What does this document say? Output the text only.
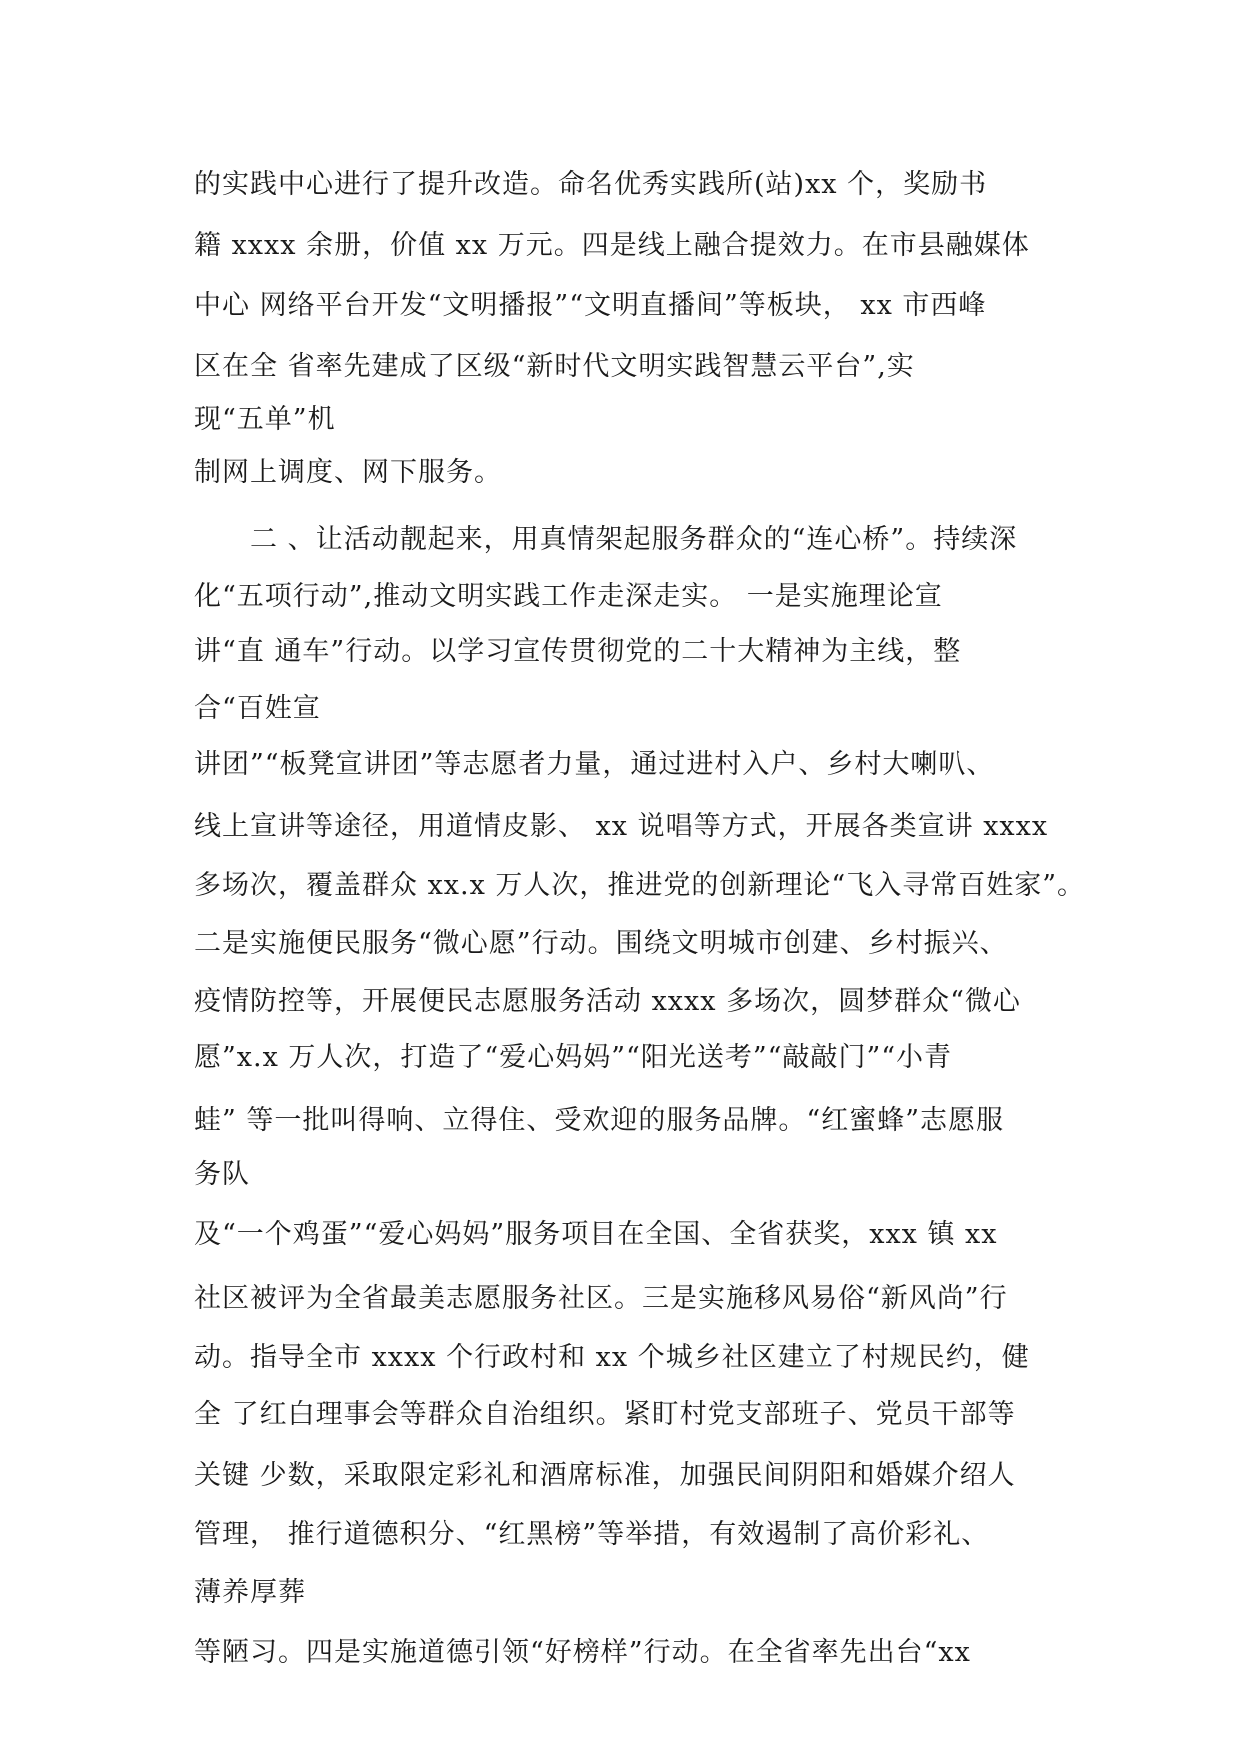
的实践中心进行了提升改造。命名优秀实践所(站)xx 个，奖励书
籍 xxxx 余册，价值 xx 万元。四是线上融合提效力。在市县融媒体
中心 网络平台开发“文明播报”“文明直播间”等板块， xx 市西峰
区在全 省率先建成了区级“新时代文明实践智慧云平台”,实
现“五单”机
制网上调度、网下服务。
二 、让活动靓起来，用真情架起服务群众的“连心桥”。持续深
化“五项行动”,推动文明实践工作走深走实。 一是实施理论宣
讲“直 通车”行动。以学习宣传贯彻党的二十大精神为主线，整
合“百姓宣
讲团”“板凳宣讲团”等志愿者力量，通过进村入户、乡村大喇叭、
线上宣讲等途径，用道情皮影、 xx 说唱等方式，开展各类宣讲 xxxx
多场次，覆盖群众 xx.x 万人次，推进党的创新理论“飞入寻常百姓家”。
二是实施便民服务“微心愿”行动。围绕文明城市创建、乡村振兴、
疫情防控等，开展便民志愿服务活动 xxxx 多场次，圆梦群众“微心
愿”x.x 万人次，打造了“爱心妈妈”“阳光送考”“敲敲门”“小青
蛙” 等一批叫得响、立得住、受欢迎的服务品牌。“红蜜蜂”志愿服
务队
及“一个鸡蛋”“爱心妈妈”服务项目在全国、全省获奖，xxx 镇 xx
社区被评为全省最美志愿服务社区。三是实施移风易俗“新风尚”行
动。指导全市 xxxx 个行政村和 xx 个城乡社区建立了村规民约，健
全 了红白理事会等群众自治组织。紧盯村党支部班子、党员干部等
关键 少数，采取限定彩礼和酒席标准，加强民间阴阳和婚媒介绍人
管理， 推行道德积分、“红黑榜”等举措，有效遏制了高价彩礼、
薄养厚葬
等陋习。四是实施道德引领“好榜样”行动。在全省率先出台“xx
